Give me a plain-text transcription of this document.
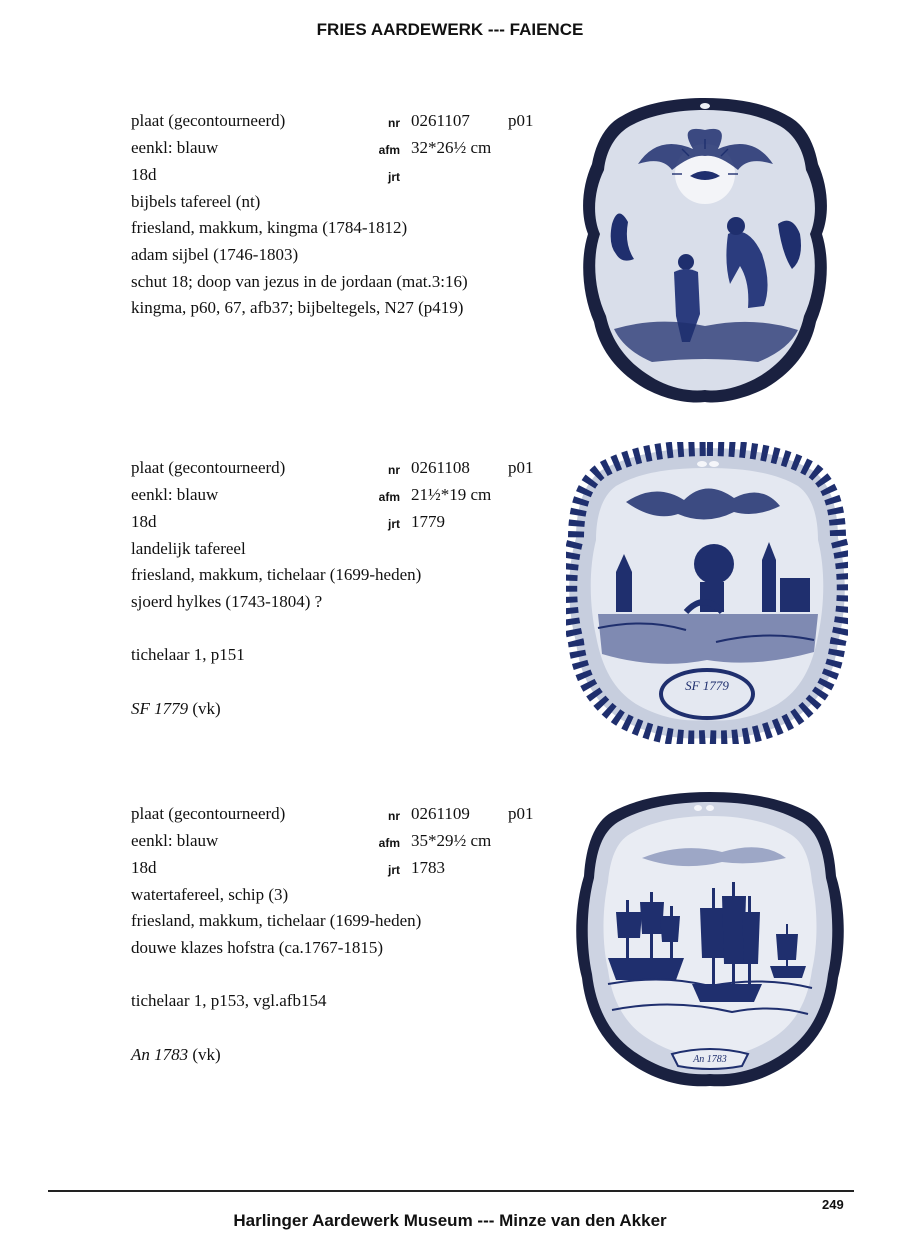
FRIES AARDEWERK --- FAIENCE
plaat (gecontourneerd)	nr 0261107 p01
eenkl: blauw	afm 32*26½ cm
18d	jrt
bijbels tafereel (nt)
friesland, makkum, kingma (1784-1812)
adam sijbel (1746-1803)
schut 18; doop van jezus in de jordaan (mat.3:16)
kingma, p60, 67, afb37; bijbeltegels, N27 (p419)
plaat (gecontourneerd)	nr 0261108 p01
eenkl: blauw	afm 21½*19 cm
18d	jrt 1779
landelijk tafereel
friesland, makkum, tichelaar (1699-heden)
sjoerd hylkes (1743-1804) ?
tichelaar 1, p151
SF 1779 (vk)
plaat (gecontourneerd)	nr 0261109 p01
eenkl: blauw	afm 35*29½ cm
18d	jrt 1783
watertafereel, schip (3)
friesland, makkum, tichelaar (1699-heden)
douwe klazes hofstra (ca.1767-1815)
tichelaar 1, p153, vgl.afb154
An 1783 (vk)
SF 1779
An 1783
249
Harlinger Aardewerk Museum --- Minze van den Akker
